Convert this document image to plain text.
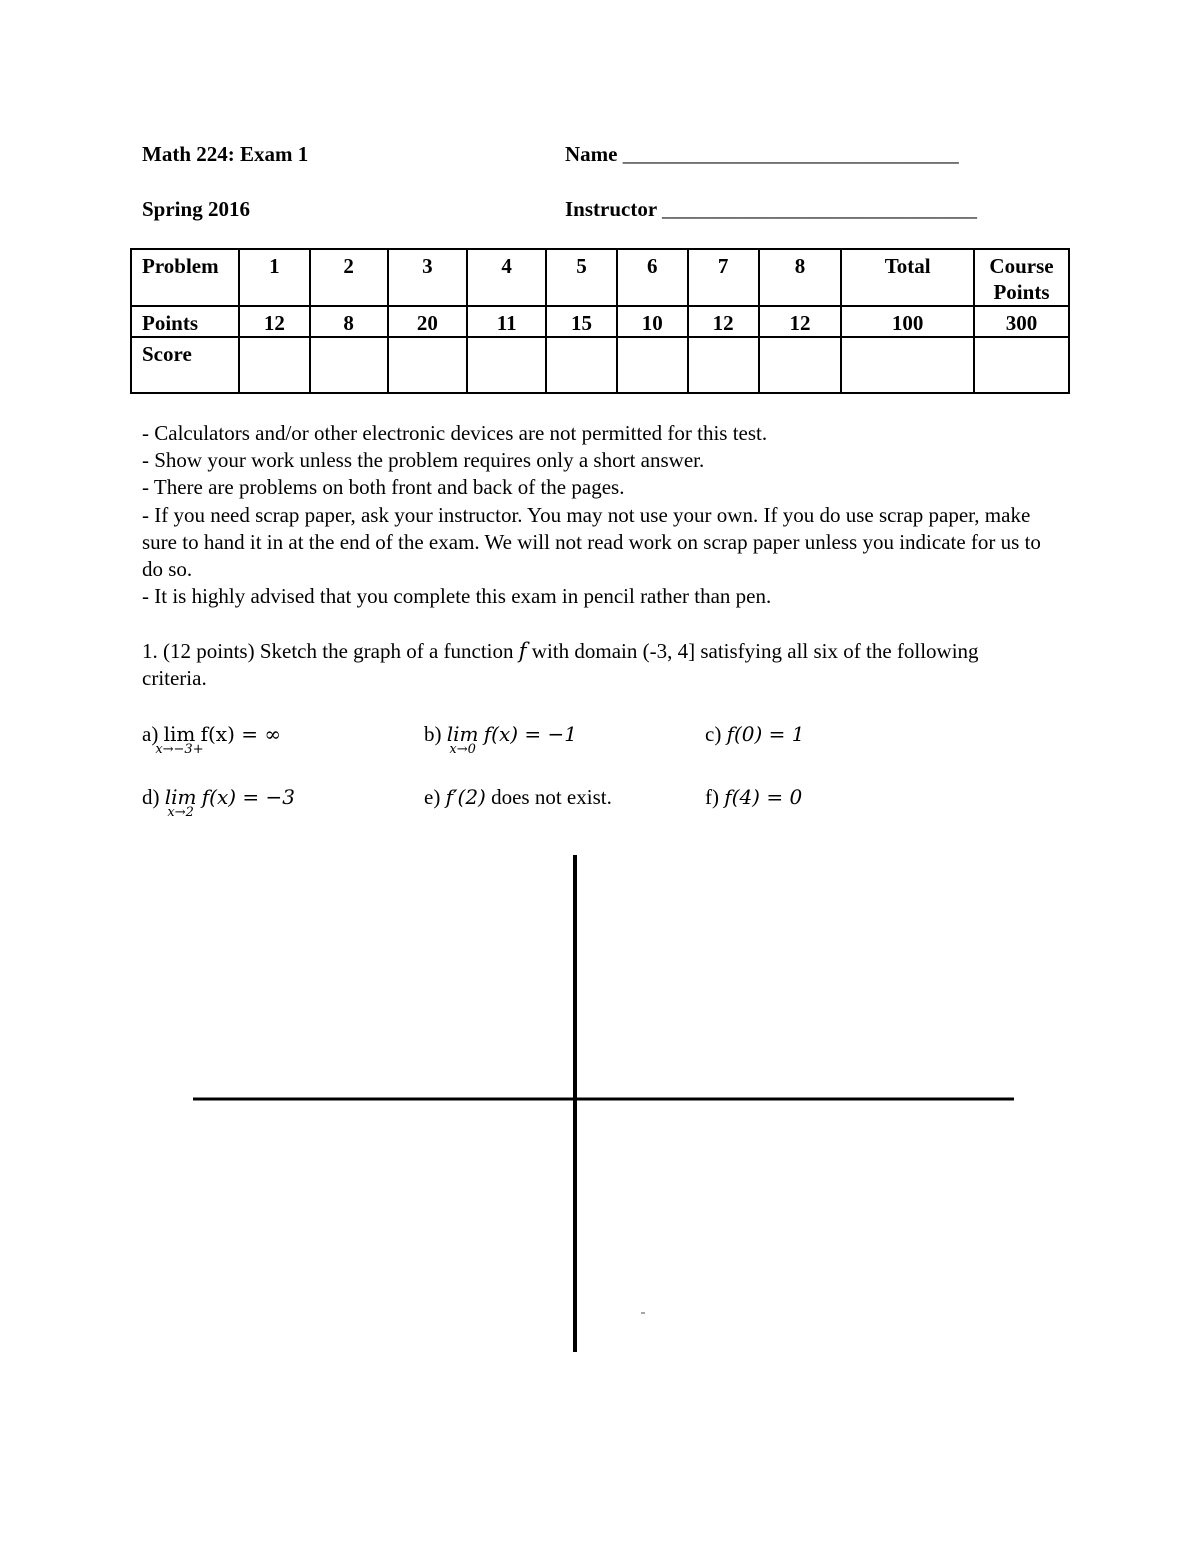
Math 224: Exam 1	Name ________________________________
Spring 2016	Instructor ______________________________
Problem	1	2	3	4	5	6	7	8	Total	Course Points
Points	12	8	20	11	15	10	12	12	100	300
Score										

- Calculators and/or other electronic devices are not permitted for this test.

- Show your work unless the problem requires only a short answer.

- There are problems on both front and back of the pages.

- If you need scrap paper, ask your instructor. You may not use your own. If you do use scrap paper, make sure to hand it in at the end of the exam. We will not read work on scrap paper unless you indicate for us to do so.

- It is highly advised that you complete this exam in pencil rather than pen.

1. (12 points) Sketch the graph of a function f with domain (-3, 4] satisfying all six of the following criteria.
a) lim
x→−3+
f(x) = ∞	b) lim
x→0
f(x) = −1	c) f(0) = 1
d) lim
x→2
f(x) = −3	e) f′(2) does not exist.	f) f(4) = 0
